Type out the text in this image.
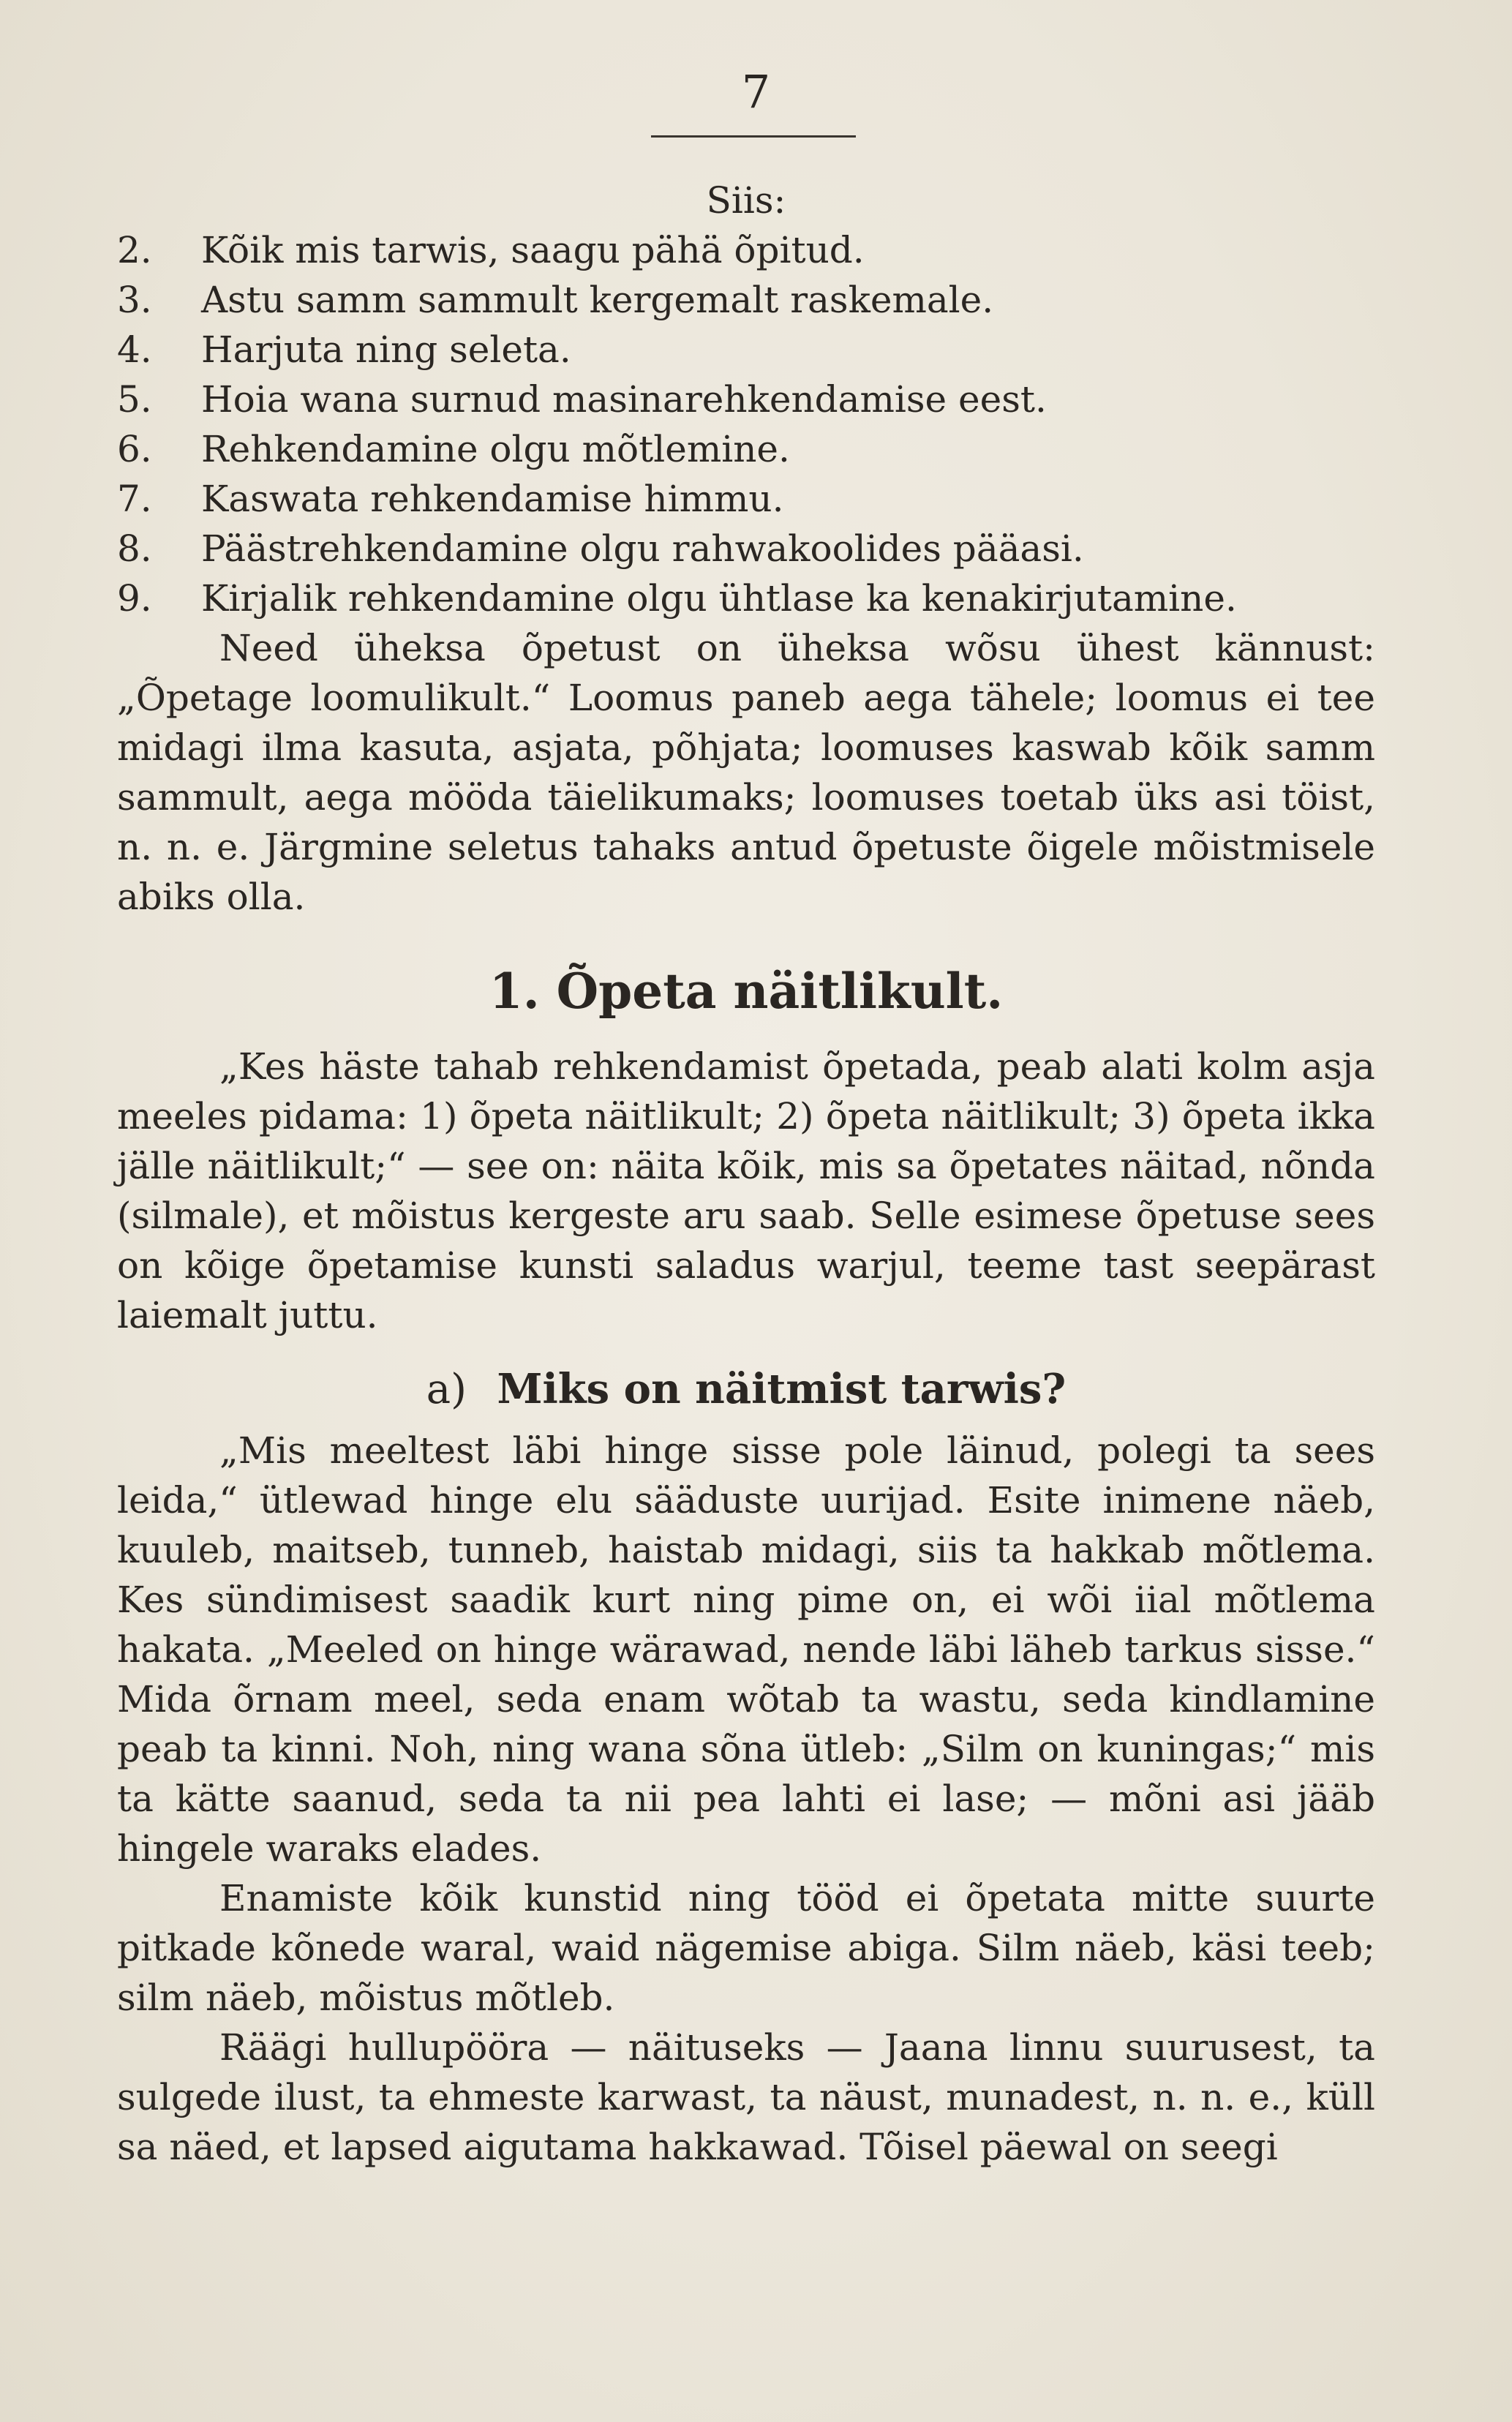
7
Siis:
2.	Kõik mis tarwis, saagu pähä õpitud.
3.	Astu samm sammult kergemalt raskemale.
4.	Harjuta ning seleta.
5.	Hoia wana surnud masinarehkendamise eest.
6.	Rehkendamine olgu mõtlemine.
7.	Kaswata rehkendamise himmu.
8.	Päästrehkendamine olgu rahwakoolides pääasi.
9.	Kirjalik rehkendamine olgu ühtlase ka kenakirjutamine.

Need üheksa õpetust on üheksa wõsu ühest kännust: „Õpetage loomulikult.“ Loomus paneb aega tähele; loomus ei tee midagi ilma kasuta, asjata, põhjata; loomuses kaswab kõik samm sammult, aega mööda täielikumaks; loomuses toetab üks asi töist, n. n. e. Järgmine seletus tahaks antud õpetuste õigele mõistmisele abiks olla.

1. Õpeta näitlikult.

„Kes häste tahab rehkendamist õpetada, peab alati kolm asja meeles pidama: 1) õpeta näitlikult; 2) õpeta näitlikult; 3) õpeta ikka jälle näitlikult;“ — see on: näita kõik, mis sa õpetates näitad, nõnda (silmale), et mõistus kergeste aru saab. Selle esimese õpetuse sees on kõige õpetamise kunsti saladus warjul, teeme tast seepärast laiemalt juttu.

a) Miks on näitmist tarwis?

„Mis meeltest läbi hinge sisse pole läinud, polegi ta sees leida,“ ütlewad hinge elu sääduste uurijad. Esite inimene näeb, kuuleb, maitseb, tunneb, haistab midagi, siis ta hakkab mõtlema. Kes sündimisest saadik kurt ning pime on, ei wõi iial mõtlema hakata. „Meeled on hinge wärawad, nende läbi läheb tarkus sisse.“ Mida õrnam meel, seda enam wõtab ta wastu, seda kindlamine peab ta kinni. Noh, ning wana sõna ütleb: „Silm on kuningas;“ mis ta kätte saanud, seda ta nii pea lahti ei lase; — mõni asi jääb hingele waraks elades.

Enamiste kõik kunstid ning tööd ei õpetata mitte suurte pitkade kõnede waral, waid nägemise abiga. Silm näeb, käsi teeb; silm näeb, mõistus mõtleb.

Räägi hullupööra — näituseks — Jaana linnu suurusest, ta sulgede ilust, ta ehmeste karwast, ta näust, munadest, n. n. e., küll sa näed, et lapsed aigutama hakkawad. Tõisel päewal on seegi
